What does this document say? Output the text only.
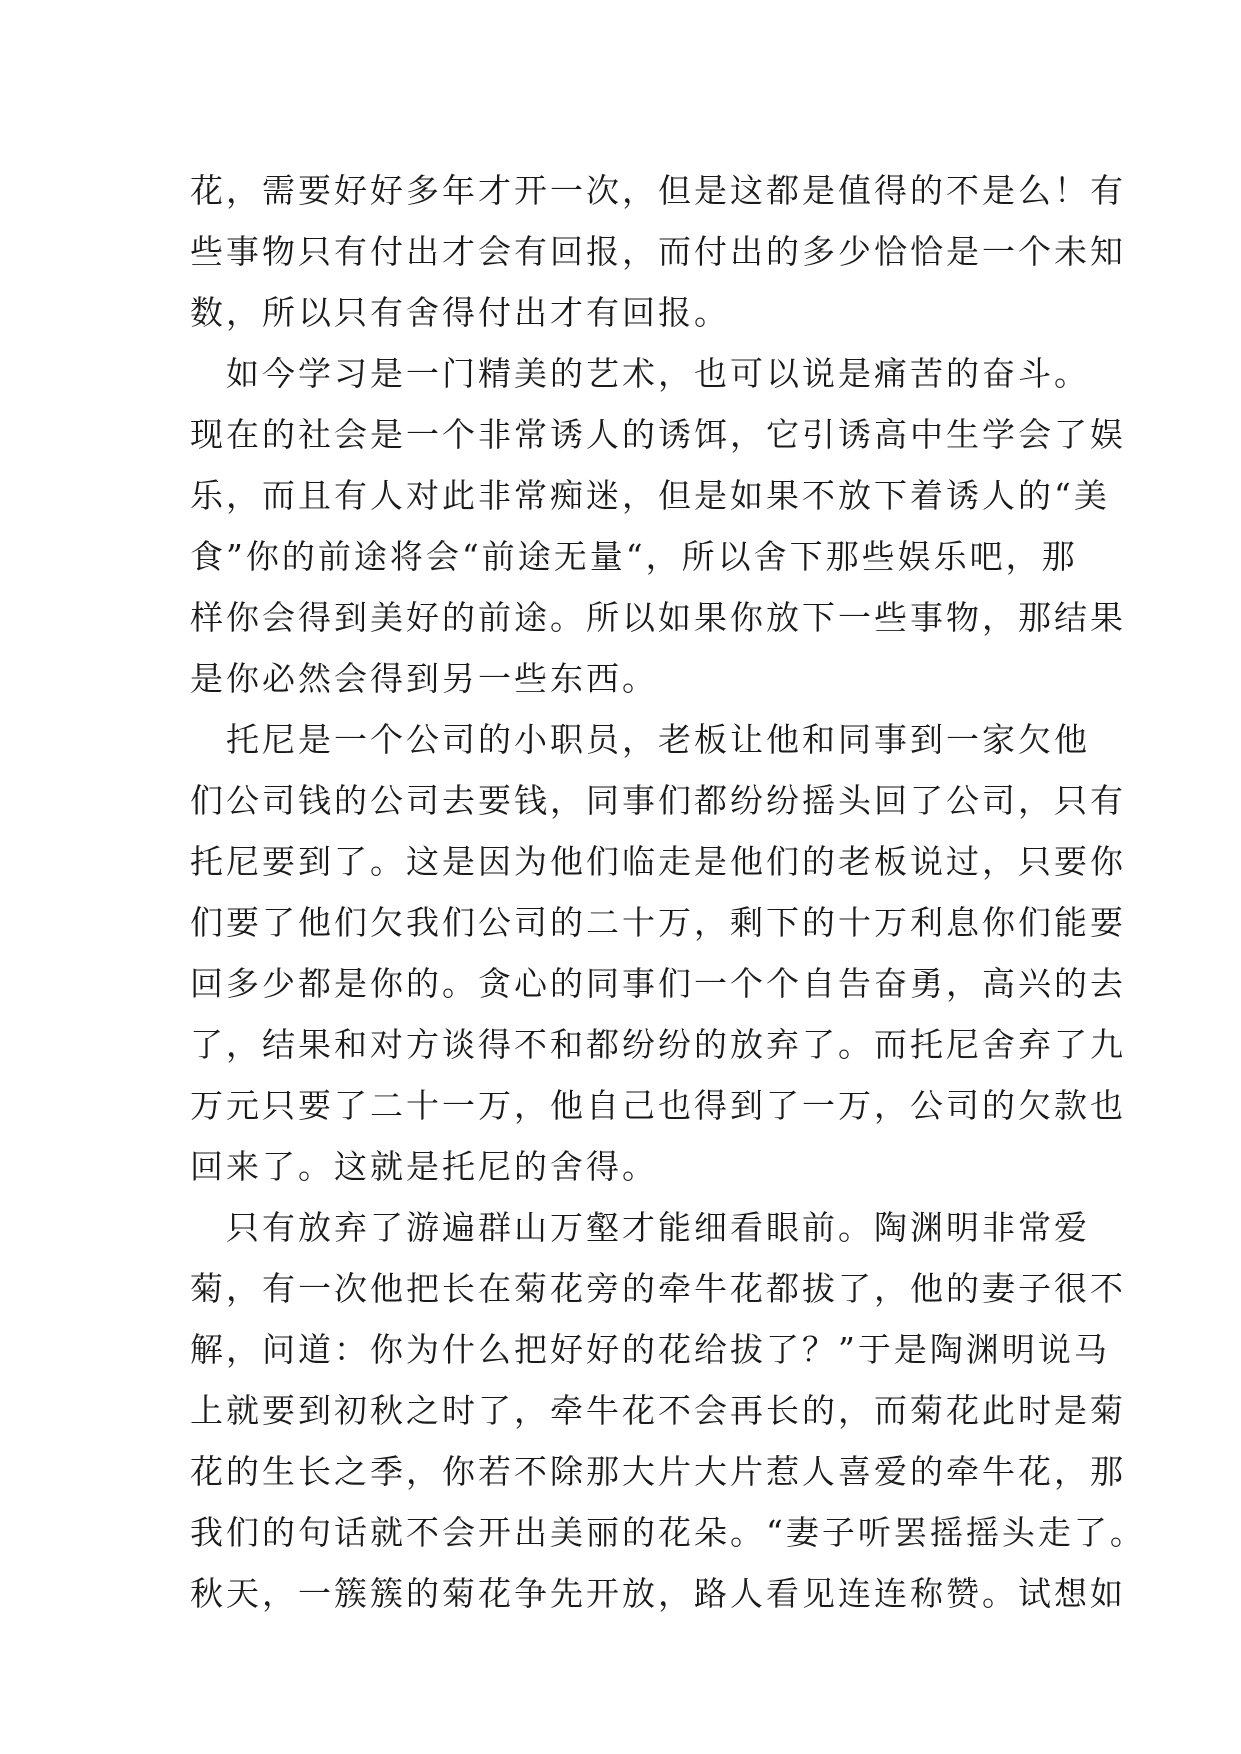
花，需要好好多年才开一次，但是这都是值得的不是么！有
些事物只有付出才会有回报，而付出的多少恰恰是一个未知
数，所以只有舍得付出才有回报。
　如今学习是一门精美的艺术，也可以说是痛苦的奋斗。
现在的社会是一个非常诱人的诱饵，它引诱高中生学会了娱
乐，而且有人对此非常痴迷，但是如果不放下着诱人的“美
食”你的前途将会“前途无量“，所以舍下那些娱乐吧，那
样你会得到美好的前途。所以如果你放下一些事物，那结果
是你必然会得到另一些东西。
　托尼是一个公司的小职员，老板让他和同事到一家欠他
们公司钱的公司去要钱，同事们都纷纷摇头回了公司，只有
托尼要到了。这是因为他们临走是他们的老板说过，只要你
们要了他们欠我们公司的二十万，剩下的十万利息你们能要
回多少都是你的。贪心的同事们一个个自告奋勇，高兴的去
了，结果和对方谈得不和都纷纷的放弃了。而托尼舍弃了九
万元只要了二十一万，他自己也得到了一万，公司的欠款也
回来了。这就是托尼的舍得。
　只有放弃了游遍群山万壑才能细看眼前。陶渊明非常爱
菊，有一次他把长在菊花旁的牵牛花都拔了，他的妻子很不
解，问道：你为什么把好好的花给拔了？”于是陶渊明说马
上就要到初秋之时了，牵牛花不会再长的，而菊花此时是菊
花的生长之季，你若不除那大片大片惹人喜爱的牵牛花，那
我们的句话就不会开出美丽的花朵。“妻子听罢摇摇头走了。
秋天，一簇簇的菊花争先开放，路人看见连连称赞。试想如
